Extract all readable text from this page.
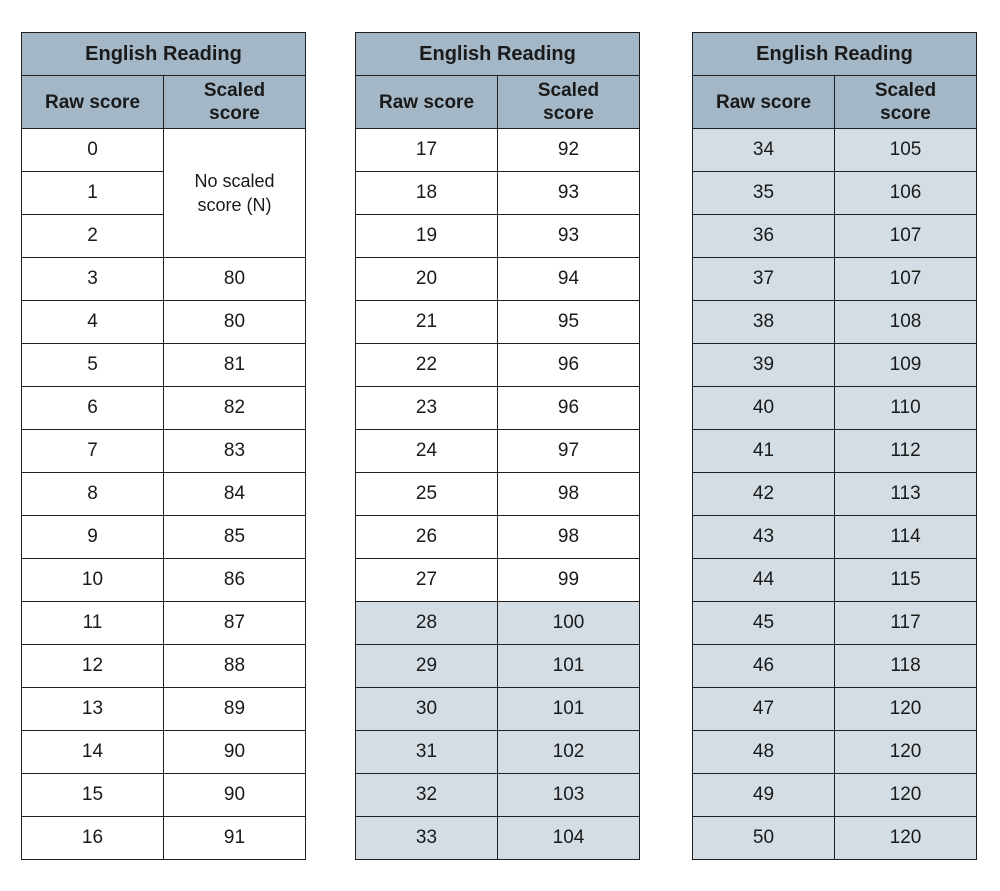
English Reading	
Raw score	Scaled
score
0	No scaled
score (N)
1	
2	
3	80
4	80
5	81
6	82
7	83
8	84
9	85
10	86
11	87
12	88
13	89
14	90
15	90
16	91
English Reading	
Raw score	Scaled
score
17	92
18	93
19	93
20	94
21	95
22	96
23	96
24	97
25	98
26	98
27	99
28	100
29	101
30	101
31	102
32	103
33	104
English Reading	
Raw score	Scaled
score
34	105
35	106
36	107
37	107
38	108
39	109
40	110
41	112
42	113
43	114
44	115
45	117
46	118
47	120
48	120
49	120
50	120
